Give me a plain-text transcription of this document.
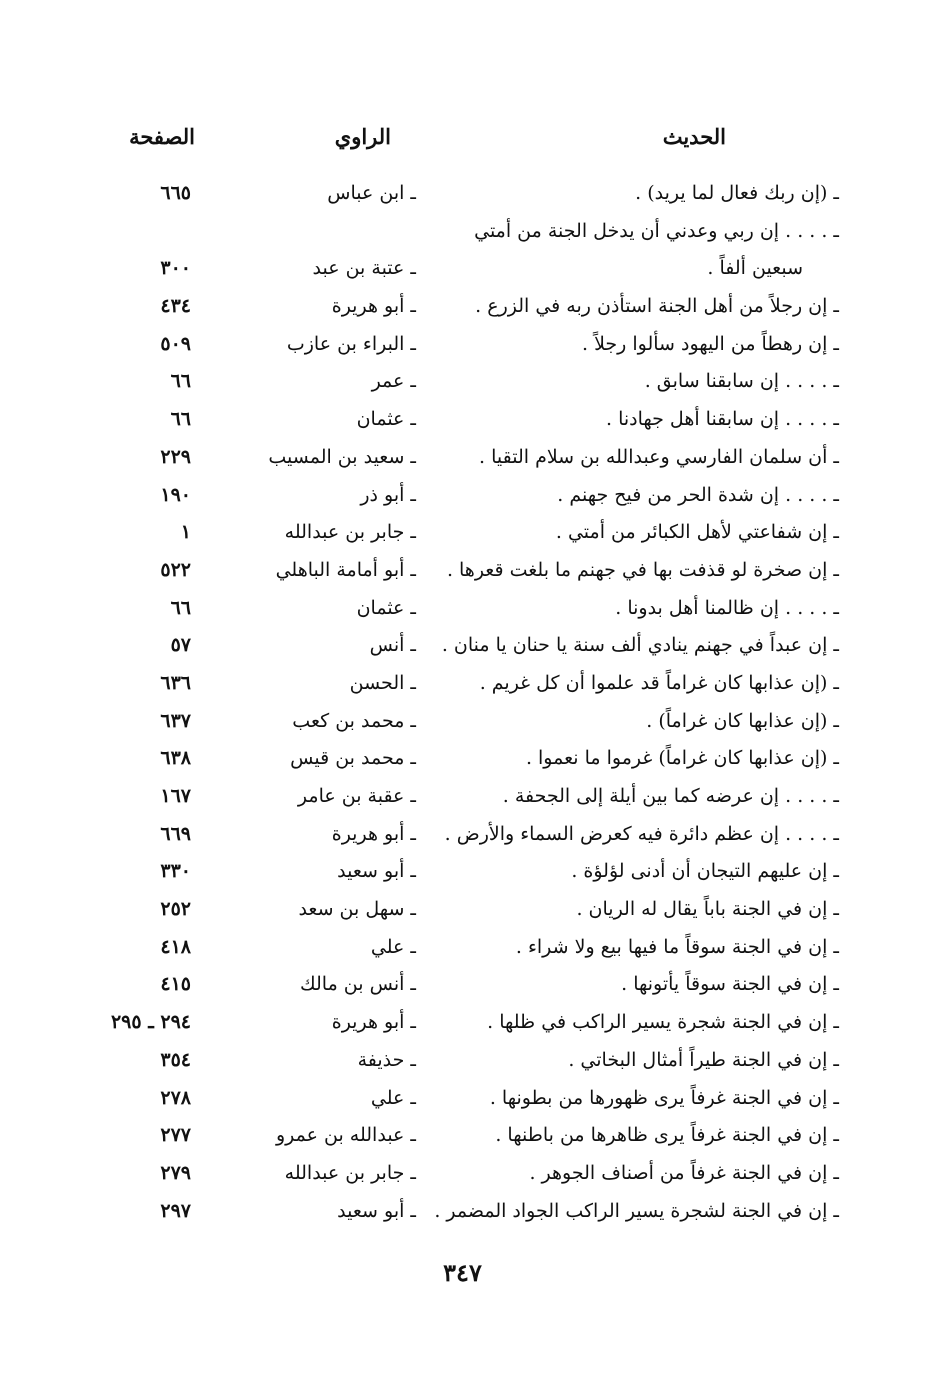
الحديث
الراوي
الصفحة
ـ (إن ربك فعال لما يريد) .
ـ ابن عباس
٦٦٥
ـ . . . . إن ربي وعدني أن يدخل الجنة من أمتي
سبعين ألفاً .
ـ عتبة بن عبد
٣٠٠
ـ إن رجلاً من أهل الجنة استأذن ربه في الزرع .
ـ أبو هريرة
٤٣٤
ـ إن رهطاً من اليهود سألوا رجلاً .
ـ البراء بن عازب
٥٠٩
ـ . . . . إن سابقنا سابق .
ـ عمر
٦٦
ـ . . . . إن سابقنا أهل جهادنا .
ـ عثمان
٦٦
ـ أن سلمان الفارسي وعبدالله بن سلام التقيا .
ـ سعيد بن المسيب
٢٢٩
ـ . . . . إن شدة الحر من فيح جهنم .
ـ أبو ذر
١٩٠
ـ إن شفاعتي لأهل الكبائر من أمتي .
ـ جابر بن عبدالله
١
ـ إن صخرة لو قذفت بها في جهنم ما بلغت قعرها .
ـ أبو أمامة الباهلي
٥٢٢
ـ . . . . إن ظالمنا أهل بدونا .
ـ عثمان
٦٦
ـ إن عبداً في جهنم ينادي ألف سنة يا حنان يا منان .
ـ أنس
٥٧
ـ (إن عذابها كان غراماً قد علموا أن كل غريم .
ـ الحسن
٦٣٦
ـ (إن عذابها كان غراماً) .
ـ محمد بن كعب
٦٣٧
ـ (إن عذابها كان غراماً) غرموا ما نعموا .
ـ محمد بن قيس
٦٣٨
ـ . . . . إن عرضه كما بين أيلة إلى الجحفة .
ـ عقبة بن عامر
١٦٧
ـ . . . . إن عظم دائرة فيه كعرض السماء والأرض .
ـ أبو هريرة
٦٦٩
ـ إن عليهم التيجان أن أدنى لؤلؤة .
ـ أبو سعيد
٣٣٠
ـ إن في الجنة باباً يقال له الريان .
ـ سهل بن سعد
٢٥٢
ـ إن في الجنة سوقاً ما فيها بيع ولا شراء .
ـ علي
٤١٨
ـ إن في الجنة سوقاً يأتونها .
ـ أنس بن مالك
٤١٥
ـ إن في الجنة شجرة يسير الراكب في ظلها .
ـ أبو هريرة
٢٩٤ ـ ٢٩٥
ـ إن في الجنة طيراً أمثال البخاتي .
ـ حذيفة
٣٥٤
ـ إن في الجنة غرفاً يرى ظهورها من بطونها .
ـ علي
٢٧٨
ـ إن في الجنة غرفاً يرى ظاهرها من باطنها .
ـ عبدالله بن عمرو
٢٧٧
ـ إن في الجنة غرفاً من أصناف الجوهر .
ـ جابر بن عبدالله
٢٧٩
ـ إن في الجنة لشجرة يسير الراكب الجواد المضمر .
ـ أبو سعيد
٢٩٧
٣٤٧
